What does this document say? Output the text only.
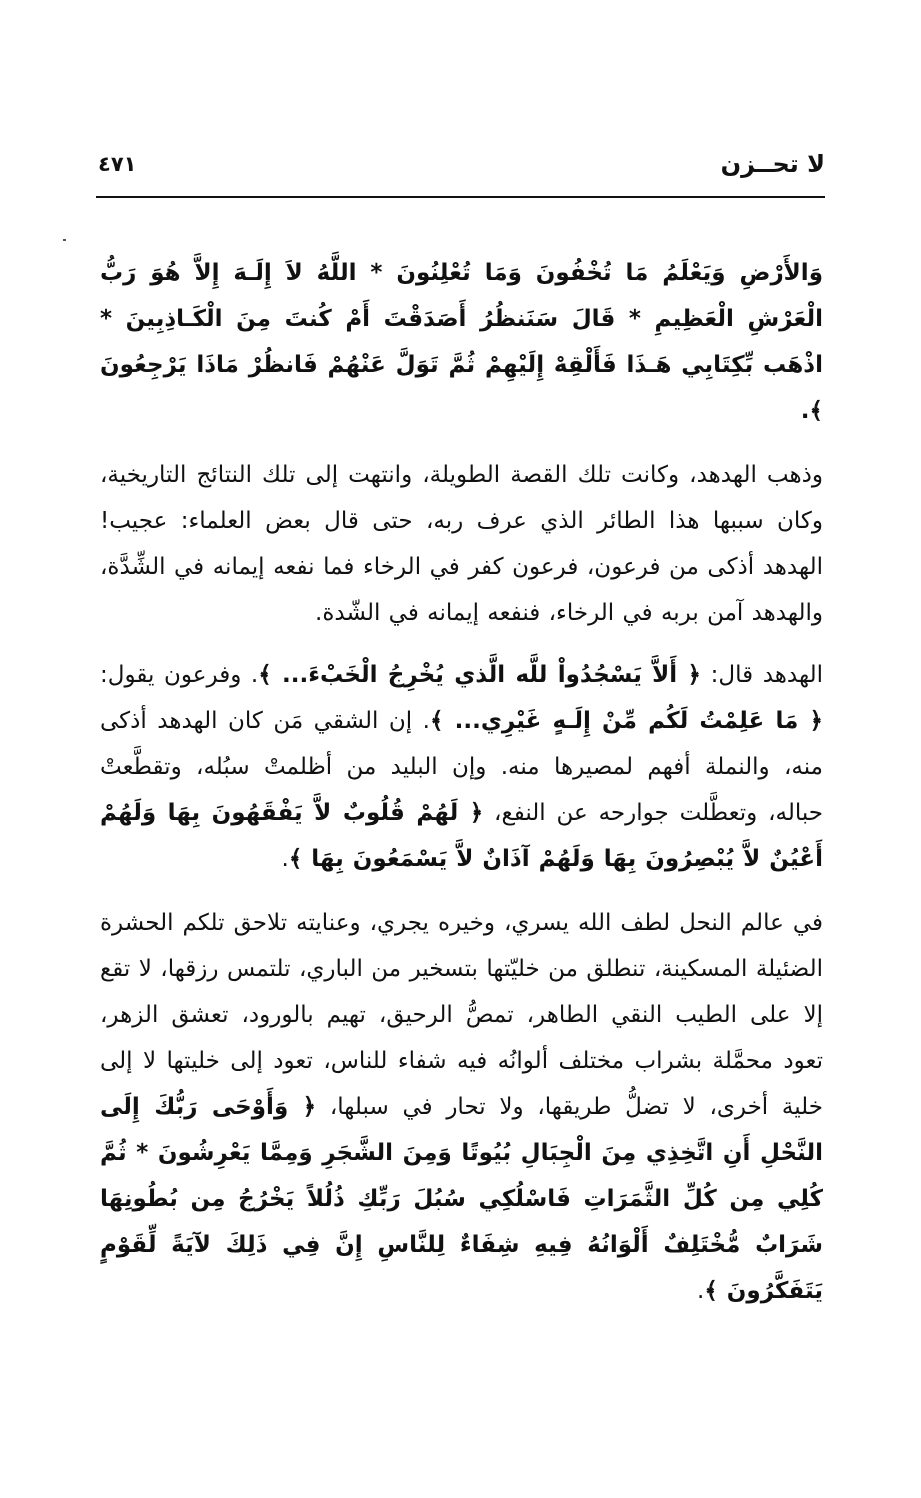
لا تحــزن
٤٧١

وَالأَرْضِ وَيَعْلَمُ مَا تُخْفُونَ وَمَا تُعْلِنُونَ * اللَّهُ لاَ إِلَـهَ إِلاَّ هُوَ رَبُّ الْعَرْشِ الْعَظِيمِ * قَالَ سَنَنظُرُ أَصَدَقْتَ أَمْ كُنتَ مِنَ الْكَـاذِبِينَ * اذْهَب بِّكِتَابِي هَـذَا فَأَلْقِهْ إِلَيْهِمْ ثُمَّ تَوَلَّ عَنْهُمْ فَانظُرْ مَاذَا يَرْجِعُونَ ﴾.

وذهب الهدهد، وكانت تلك القصة الطويلة، وانتهت إلى تلك النتائج التاريخية، وكان سببها هذا الطائر الذي عرف ربه، حتى قال بعض العلماء: عجيب! الهدهد أذكى من فرعون، فرعون كفر في الرخاء فما نفعه إيمانه في الشِّدَّة، والهدهد آمن بربه في الرخاء، فنفعه إيمانه في الشّدة.

الهدهد قال: ﴿ أَلاَّ يَسْجُدُواْ للَّه الَّذي يُخْرِجُ الْخَبْءَ... ﴾. وفرعون يقول: ﴿ مَا عَلِمْتُ لَكُم مِّنْ إِلَـهٍ غَيْرِي... ﴾. إن الشقي مَن كان الهدهد أذكى منه، والنملة أفهم لمصيرها منه. وإن البليد من أظلمتْ سبُله، وتقطَّعتْ حباله، وتعطَّلت جوارحه عن النفع، ﴿ لَهُمْ قُلُوبٌ لاَّ يَفْقَهُونَ بِهَا وَلَهُمْ أَعْيُنٌ لاَّ يُبْصِرُونَ بِهَا وَلَهُمْ آذَانٌ لاَّ يَسْمَعُونَ بِهَا ﴾.

في عالم النحل لطف الله يسري، وخيره يجري، وعنايته تلاحق تلكم الحشرة الضئيلة المسكينة، تنطلق من خليّتها بتسخير من الباري، تلتمس رزقها، لا تقع إلا على الطيب النقي الطاهر، تمصُّ الرحيق، تهيم بالورود، تعشق الزهر، تعود محمَّلة بشراب مختلف ألوانُه فيه شفاء للناس، تعود إلى خليتها لا إلى خلية أخرى، لا تضلُّ طريقها، ولا تحار في سبلها، ﴿ وَأَوْحَى رَبُّكَ إِلَى النَّحْلِ أَنِ اتَّخِذِي مِنَ الْجِبَالِ بُيُوتًا وَمِنَ الشَّجَرِ وَمِمَّا يَعْرِشُونَ * ثُمَّ كُلِي مِن كُلِّ الثَّمَرَاتِ فَاسْلُكِي سُبُلَ رَبِّكِ ذُلُلاً يَخْرُجُ مِن بُطُونِهَا شَرَابٌ مُّخْتَلِفٌ أَلْوَانُهُ فِيهِ شِفَاءٌ لِلنَّاسِ إِنَّ فِي ذَلِكَ لآيَةً لِّقَوْمٍ يَتَفَكَّرُونَ ﴾.
